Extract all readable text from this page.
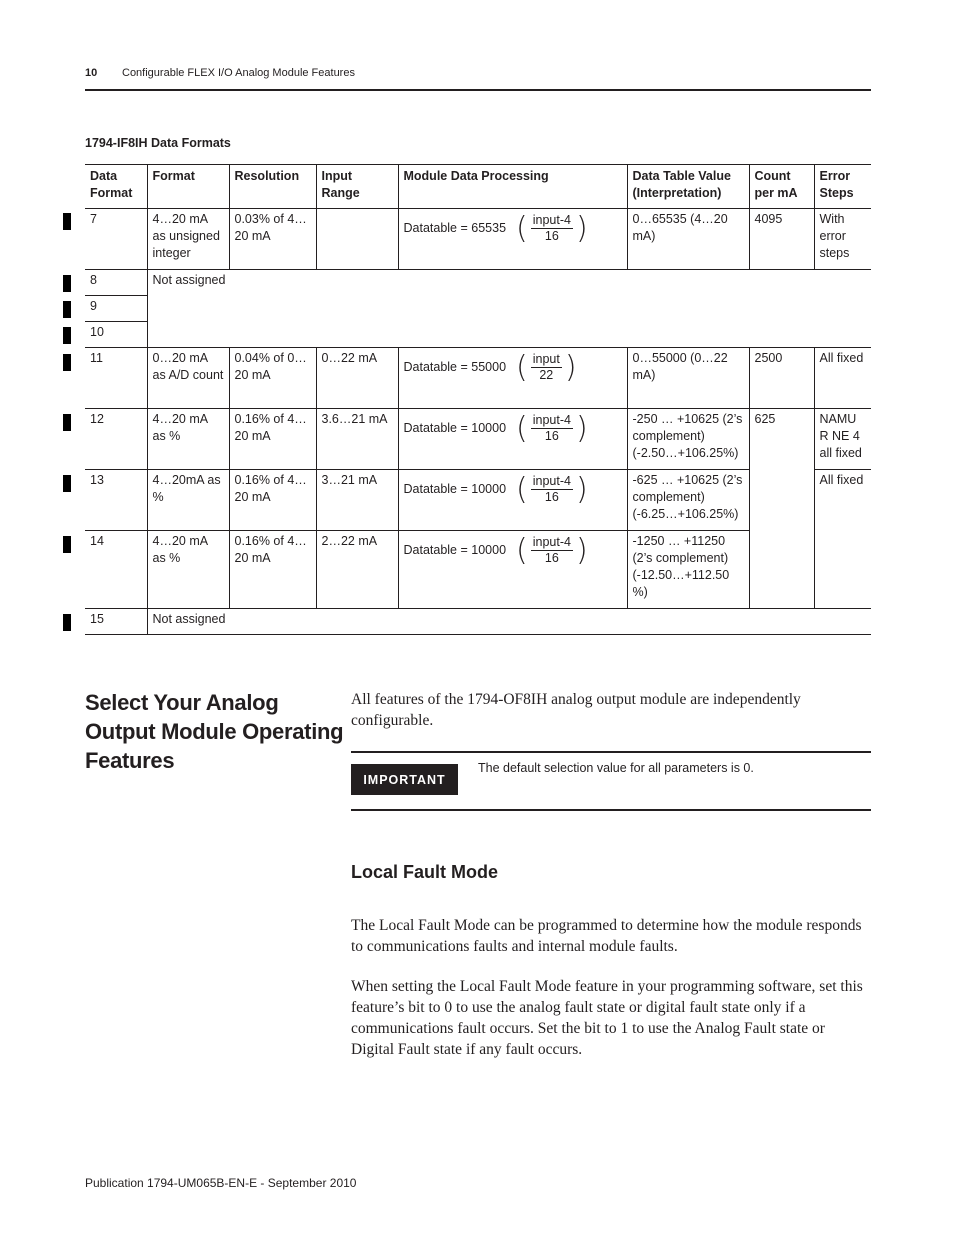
10 Configurable FLEX I/O Analog Module Features
1794-IF8IH Data Formats
Data Format	Format	Resolution	Input Range	Module Data Processing	Data Table Value (Interpretation)	Count per mA	Error Steps
7	4…20 mA as unsigned integer	0.03% of 4…20 mA		Datatable = 65535 ( $\frac{\text{input-4}}{16}$ )	0…65535 (4…20 mA)	4095	With error steps
8	Not assigned						
9							
10							
11	0…20 mA as A/D count	0.04% of 0…20 mA	0…22 mA	Datatable = 55000 ( $\frac{\text{input}}{22}$ )	0…55000 (0…22 mA)	2500	All fixed
12	4…20 mA as %	0.16% of 4…20 mA	3.6…21 mA	Datatable = 10000 ( $\frac{\text{input-4}}{16}$ )	-250 … +10625 (2’s complement) (-2.50…+106.25%)	625	NAMU R NE 4 all fixed
13	4…20mA as %	0.16% of 4…20 mA	3…21 mA	Datatable = 10000 ( $\frac{\text{input-4}}{16}$ )	-625 … +10625 (2’s complement) (-6.25…+106.25%)		All fixed
14	4…20 mA as %	0.16% of 4…20 mA	2…22 mA	Datatable = 10000 ( $\frac{\text{input-4}}{16}$ )	-1250 … +11250 (2’s complement) (-12.50…+112.50 %)		
15	Not assigned						
Select Your Analog Output Module Operating Features
All features of the 1794-OF8IH analog output module are independently configurable.
IMPORTANT
The default selection value for all parameters is 0.
Local Fault Mode
The Local Fault Mode can be programmed to determine how the module responds to communications faults and internal module faults.
When setting the Local Fault Mode feature in your programming software, set this feature’s bit to 0 to use the analog fault state or digital fault state only if a communications fault occurs. Set the bit to 1 to use the Analog Fault state or Digital Fault state if any fault occurs.
Publication 1794-UM065B-EN-E - September 2010
